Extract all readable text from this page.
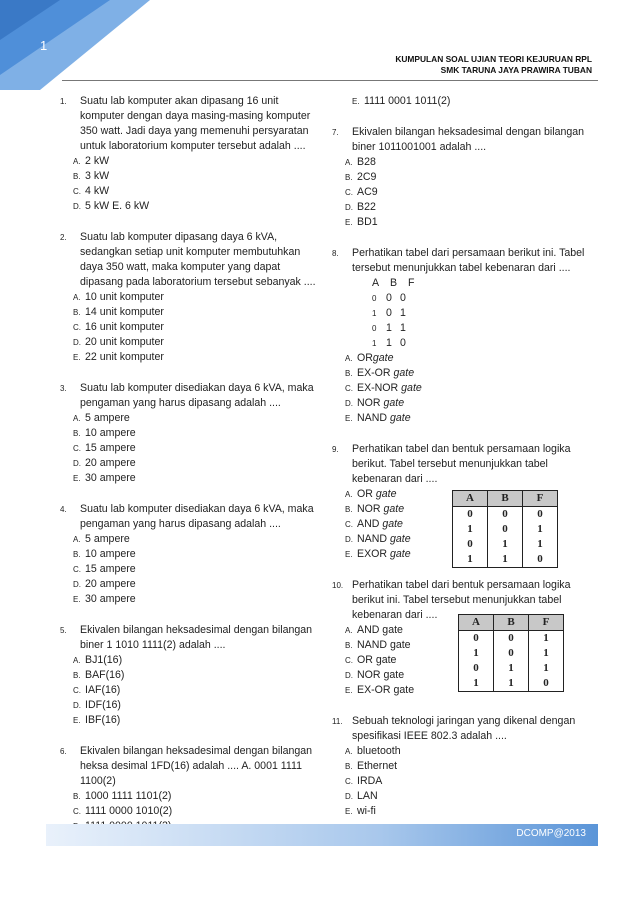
1
KUMPULAN SOAL UJIAN TEORI KEJURUAN RPL
SMK TARUNA JAYA PRAWIRA TUBAN
1. Suatu lab komputer akan dipasang 16 unit
komputer dengan daya masing-masing komputer
350 watt. Jadi daya yang memenuhi persyaratan
untuk laboratorium komputer tersebut adalah ....
A. 2 kW
B. 3 kW
C. 4 kW
D. 5 kW E. 6 kW
2. Suatu lab komputer dipasang daya 6 kVA,
sedangkan setiap unit komputer membutuhkan
daya 350 watt, maka komputer yang dapat
dipasang pada laboratorium tersebut sebanyak ....
A. 10 unit komputer
B. 14 unit komputer
C. 16 unit komputer
D. 20 unit komputer
E. 22 unit komputer
3. Suatu lab komputer disediakan daya 6 kVA, maka
pengaman yang harus dipasang adalah ....
A. 5 ampere
B. 10 ampere
C. 15 ampere
D. 20 ampere
E. 30 ampere
4. Suatu lab komputer disediakan daya 6 kVA, maka
pengaman yang harus dipasang adalah ....
A. 5 ampere
B. 10 ampere
C. 15 ampere
D. 20 ampere
E. 30 ampere
5. Ekivalen bilangan heksadesimal dengan bilangan
biner 1 1010 1111(2) adalah ....
A. BJ1(16)
B. BAF(16)
C. IAF(16)
D. IDF(16)
E. IBF(16)
6. Ekivalen bilangan heksadesimal dengan bilangan
heksa desimal 1FD(16) adalah .... A. 0001 1111
1100(2)
B. 1000 1111 1101(2)
C. 1111 0000 1010(2)
E. 1111 0001 1011(2)
7. Ekivalen bilangan heksadesimal dengan bilangan
biner 1011001001 adalah ....
A. B28
B. 2C9
C. AC9
D. B22
E. BD1
8. Perhatikan tabel dari persamaan berikut ini. Tabel
tersebut menunjukkan tabel kebenaran dari ....
A	B	F
0 0 0
1 0 1
0 1 1
1 1 0
A. ORgate
B. EX-OR gate
C. EX-NOR gate
D. NOR gate
E. NAND gate
9. Perhatikan tabel dan bentuk persamaan logika
berikut. Tabel tersebut menunjukkan tabel
kebenaran dari ....
A. OR gate
B. NOR gate
C. AND gate
D. NAND gate
E. EXOR gate
A	B	F
0	0	0
1	0	1
0	1	1
1	1	0
10. Perhatikan tabel dari bentuk persamaan logika
berikut ini. Tabel tersebut menunjukkan tabel
kebenaran dari ....
A. AND gate
B. NAND gate
C. OR gate
D. NOR gate
E. EX-OR gate
A	B	F
0	0	1
1	0	1
0	1	1
1	1	0
11. Sebuah teknologi jaringan yang dikenal dengan
spesifikasi IEEE 802.3 adalah ....
A. bluetooth
B. Ethernet
C. IRDA
D. LAN
E. wi-fi
DCOMP@2013
